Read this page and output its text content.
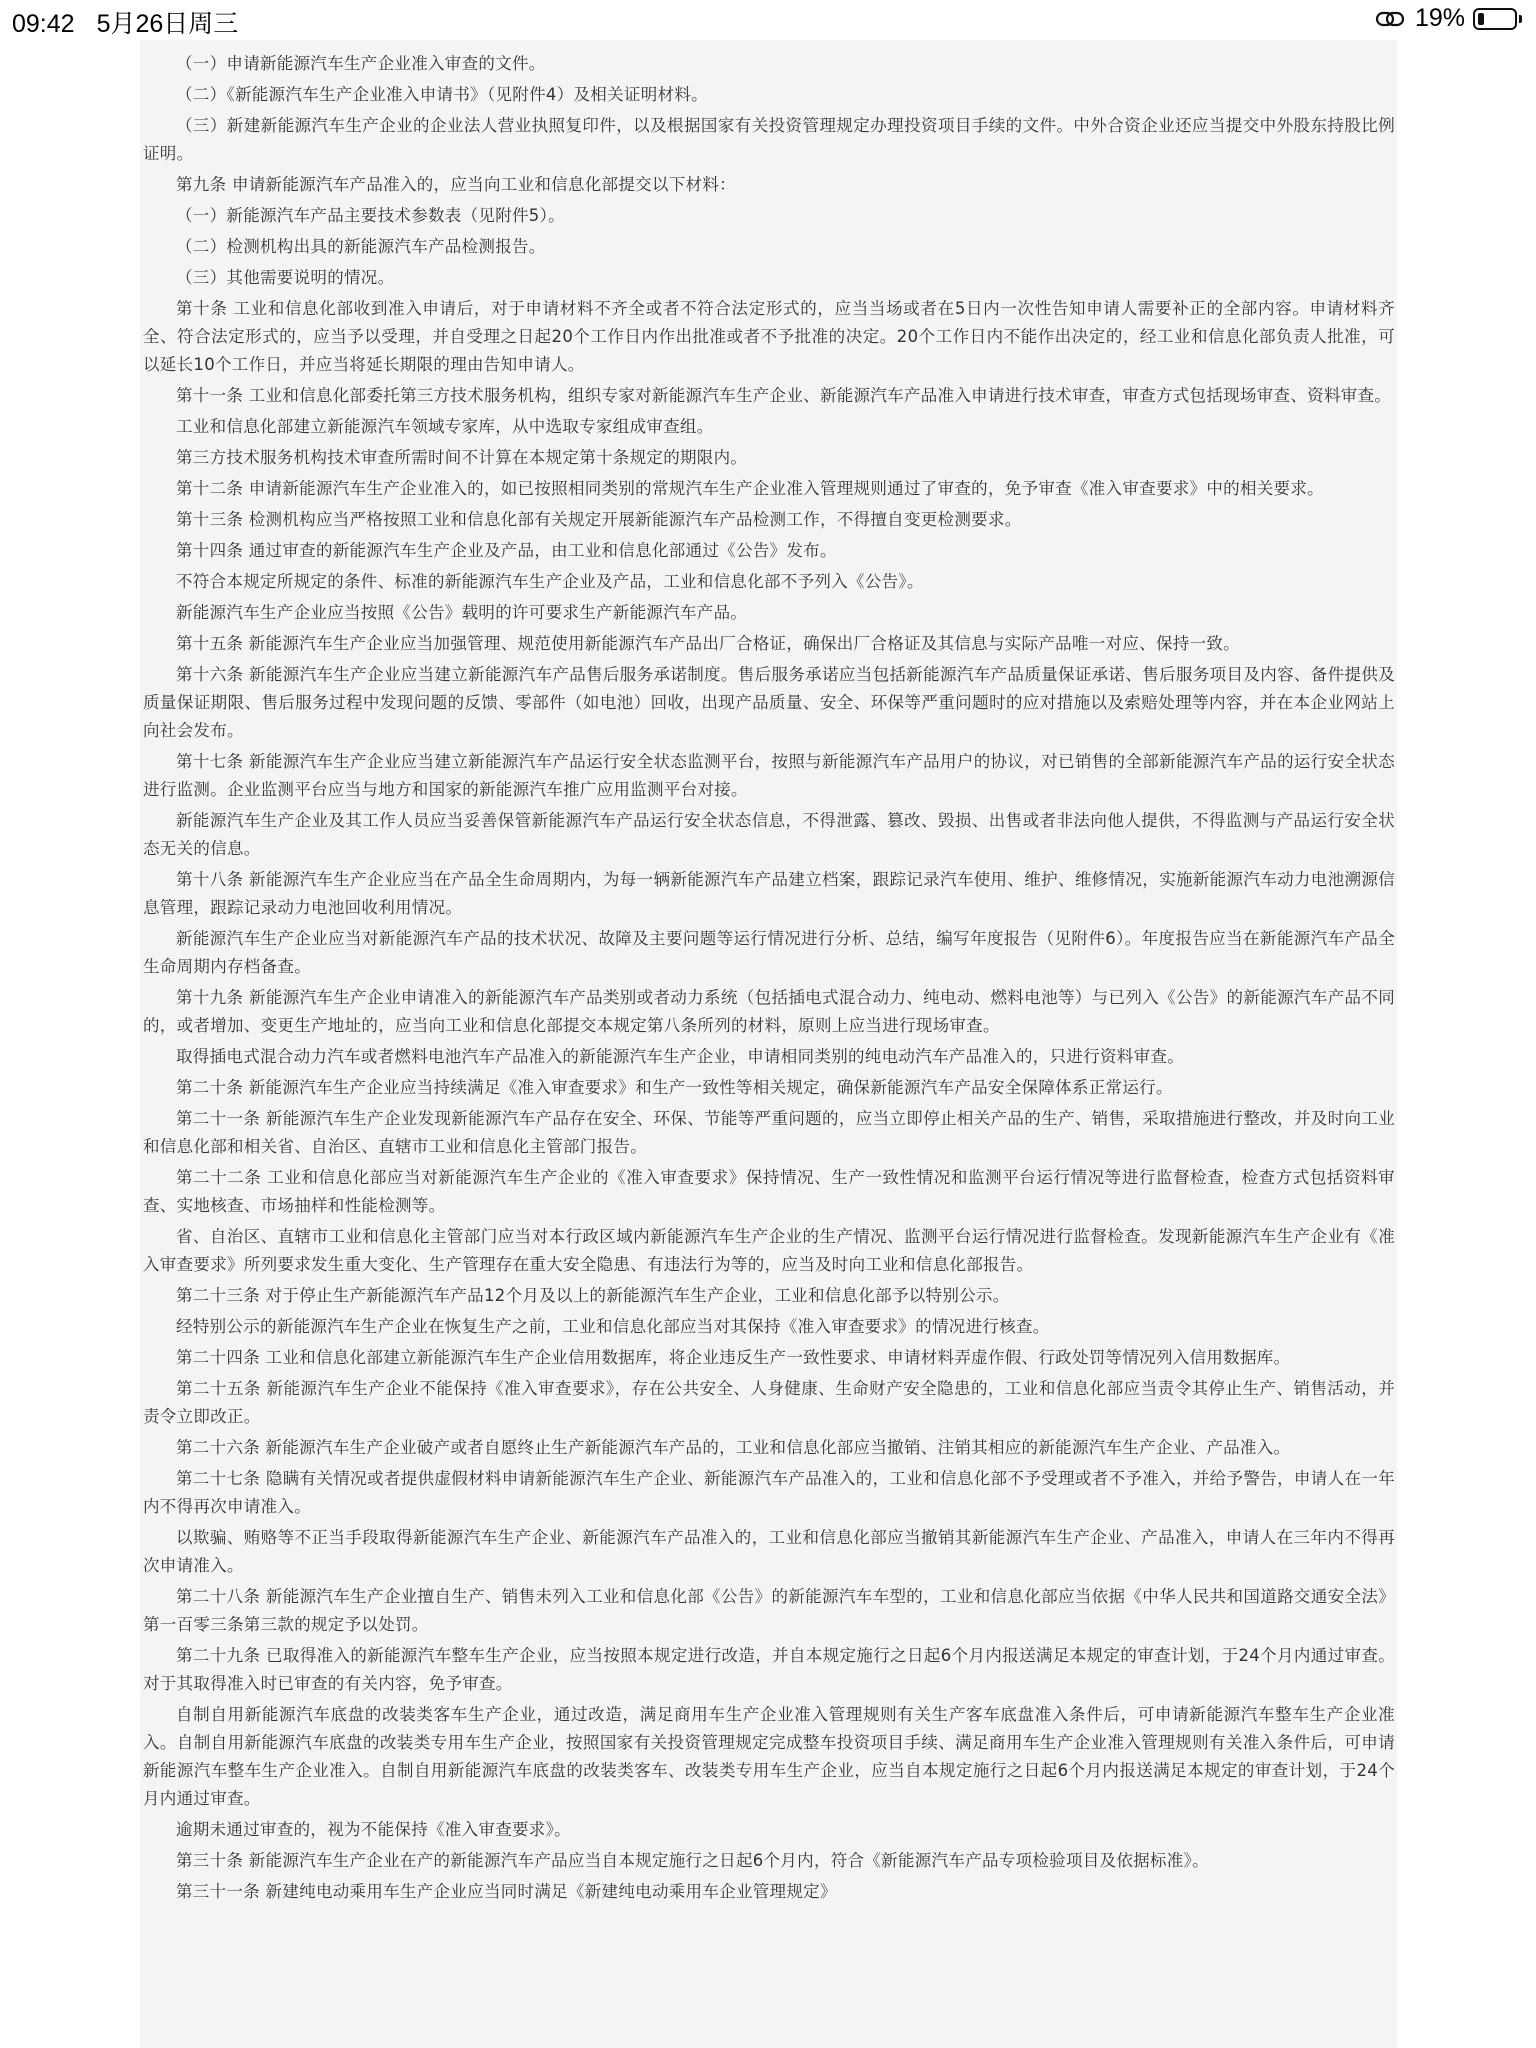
09:42 5月26日周三	19%

（一）申请新能源汽车生产企业准入审查的文件。

（二）《新能源汽车生产企业准入申请书》（见附件4）及相关证明材料。

（三）新建新能源汽车生产企业的企业法人营业执照复印件，以及根据国家有关投资管理规定办理投资项目手续的文件。中外合资企业还应当提交中外股东持股比例证明。

第九条 申请新能源汽车产品准入的，应当向工业和信息化部提交以下材料：

（一）新能源汽车产品主要技术参数表（见附件5）。

（二）检测机构出具的新能源汽车产品检测报告。

（三）其他需要说明的情况。

第十条 工业和信息化部收到准入申请后，对于申请材料不齐全或者不符合法定形式的，应当当场或者在5日内一次性告知申请人需要补正的全部内容。申请材料齐全、符合法定形式的，应当予以受理，并自受理之日起20个工作日内作出批准或者不予批准的决定。20个工作日内不能作出决定的，经工业和信息化部负责人批准，可以延长10个工作日，并应当将延长期限的理由告知申请人。

第十一条 工业和信息化部委托第三方技术服务机构，组织专家对新能源汽车生产企业、新能源汽车产品准入申请进行技术审查，审查方式包括现场审查、资料审查。

工业和信息化部建立新能源汽车领域专家库，从中选取专家组成审查组。

第三方技术服务机构技术审查所需时间不计算在本规定第十条规定的期限内。

第十二条 申请新能源汽车生产企业准入的，如已按照相同类别的常规汽车生产企业准入管理规则通过了审查的，免予审查《准入审查要求》中的相关要求。

第十三条 检测机构应当严格按照工业和信息化部有关规定开展新能源汽车产品检测工作，不得擅自变更检测要求。

第十四条 通过审查的新能源汽车生产企业及产品，由工业和信息化部通过《公告》发布。

不符合本规定所规定的条件、标准的新能源汽车生产企业及产品，工业和信息化部不予列入《公告》。

新能源汽车生产企业应当按照《公告》载明的许可要求生产新能源汽车产品。

第十五条 新能源汽车生产企业应当加强管理、规范使用新能源汽车产品出厂合格证，确保出厂合格证及其信息与实际产品唯一对应、保持一致。

第十六条 新能源汽车生产企业应当建立新能源汽车产品售后服务承诺制度。售后服务承诺应当包括新能源汽车产品质量保证承诺、售后服务项目及内容、备件提供及质量保证期限、售后服务过程中发现问题的反馈、零部件（如电池）回收，出现产品质量、安全、环保等严重问题时的应对措施以及索赔处理等内容，并在本企业网站上向社会发布。

第十七条 新能源汽车生产企业应当建立新能源汽车产品运行安全状态监测平台，按照与新能源汽车产品用户的协议，对已销售的全部新能源汽车产品的运行安全状态进行监测。企业监测平台应当与地方和国家的新能源汽车推广应用监测平台对接。

新能源汽车生产企业及其工作人员应当妥善保管新能源汽车产品运行安全状态信息，不得泄露、篡改、毁损、出售或者非法向他人提供，不得监测与产品运行安全状态无关的信息。

第十八条 新能源汽车生产企业应当在产品全生命周期内，为每一辆新能源汽车产品建立档案，跟踪记录汽车使用、维护、维修情况，实施新能源汽车动力电池溯源信息管理，跟踪记录动力电池回收利用情况。

新能源汽车生产企业应当对新能源汽车产品的技术状况、故障及主要问题等运行情况进行分析、总结，编写年度报告（见附件6）。年度报告应当在新能源汽车产品全生命周期内存档备查。

第十九条 新能源汽车生产企业申请准入的新能源汽车产品类别或者动力系统（包括插电式混合动力、纯电动、燃料电池等）与已列入《公告》的新能源汽车产品不同的，或者增加、变更生产地址的，应当向工业和信息化部提交本规定第八条所列的材料，原则上应当进行现场审查。

取得插电式混合动力汽车或者燃料电池汽车产品准入的新能源汽车生产企业，申请相同类别的纯电动汽车产品准入的，只进行资料审查。

第二十条 新能源汽车生产企业应当持续满足《准入审查要求》和生产一致性等相关规定，确保新能源汽车产品安全保障体系正常运行。

第二十一条 新能源汽车生产企业发现新能源汽车产品存在安全、环保、节能等严重问题的，应当立即停止相关产品的生产、销售，采取措施进行整改，并及时向工业和信息化部和相关省、自治区、直辖市工业和信息化主管部门报告。

第二十二条 工业和信息化部应当对新能源汽车生产企业的《准入审查要求》保持情况、生产一致性情况和监测平台运行情况等进行监督检查，检查方式包括资料审查、实地核查、市场抽样和性能检测等。

省、自治区、直辖市工业和信息化主管部门应当对本行政区域内新能源汽车生产企业的生产情况、监测平台运行情况进行监督检查。发现新能源汽车生产企业有《准入审查要求》所列要求发生重大变化、生产管理存在重大安全隐患、有违法行为等的，应当及时向工业和信息化部报告。

第二十三条 对于停止生产新能源汽车产品12个月及以上的新能源汽车生产企业，工业和信息化部予以特别公示。

经特别公示的新能源汽车生产企业在恢复生产之前，工业和信息化部应当对其保持《准入审查要求》的情况进行核查。

第二十四条 工业和信息化部建立新能源汽车生产企业信用数据库，将企业违反生产一致性要求、申请材料弄虚作假、行政处罚等情况列入信用数据库。

第二十五条 新能源汽车生产企业不能保持《准入审查要求》，存在公共安全、人身健康、生命财产安全隐患的，工业和信息化部应当责令其停止生产、销售活动，并责令立即改正。

第二十六条 新能源汽车生产企业破产或者自愿终止生产新能源汽车产品的，工业和信息化部应当撤销、注销其相应的新能源汽车生产企业、产品准入。

第二十七条 隐瞒有关情况或者提供虚假材料申请新能源汽车生产企业、新能源汽车产品准入的，工业和信息化部不予受理或者不予准入，并给予警告，申请人在一年内不得再次申请准入。

以欺骗、贿赂等不正当手段取得新能源汽车生产企业、新能源汽车产品准入的，工业和信息化部应当撤销其新能源汽车生产企业、产品准入，申请人在三年内不得再次申请准入。

第二十八条 新能源汽车生产企业擅自生产、销售未列入工业和信息化部《公告》的新能源汽车车型的，工业和信息化部应当依据《中华人民共和国道路交通安全法》第一百零三条第三款的规定予以处罚。

第二十九条 已取得准入的新能源汽车整车生产企业，应当按照本规定进行改造，并自本规定施行之日起6个月内报送满足本规定的审查计划，于24个月内通过审查。对于其取得准入时已审查的有关内容，免予审查。

自制自用新能源汽车底盘的改装类客车生产企业，通过改造，满足商用车生产企业准入管理规则有关生产客车底盘准入条件后，可申请新能源汽车整车生产企业准入。自制自用新能源汽车底盘的改装类专用车生产企业，按照国家有关投资管理规定完成整车投资项目手续、满足商用车生产企业准入管理规则有关准入条件后，可申请新能源汽车整车生产企业准入。自制自用新能源汽车底盘的改装类客车、改装类专用车生产企业，应当自本规定施行之日起6个月内报送满足本规定的审查计划，于24个月内通过审查。

逾期未通过审查的，视为不能保持《准入审查要求》。

第三十条 新能源汽车生产企业在产的新能源汽车产品应当自本规定施行之日起6个月内，符合《新能源汽车产品专项检验项目及依据标准》。

第三十一条 新建纯电动乘用车生产企业应当同时满足《新建纯电动乘用车企业管理规定》
